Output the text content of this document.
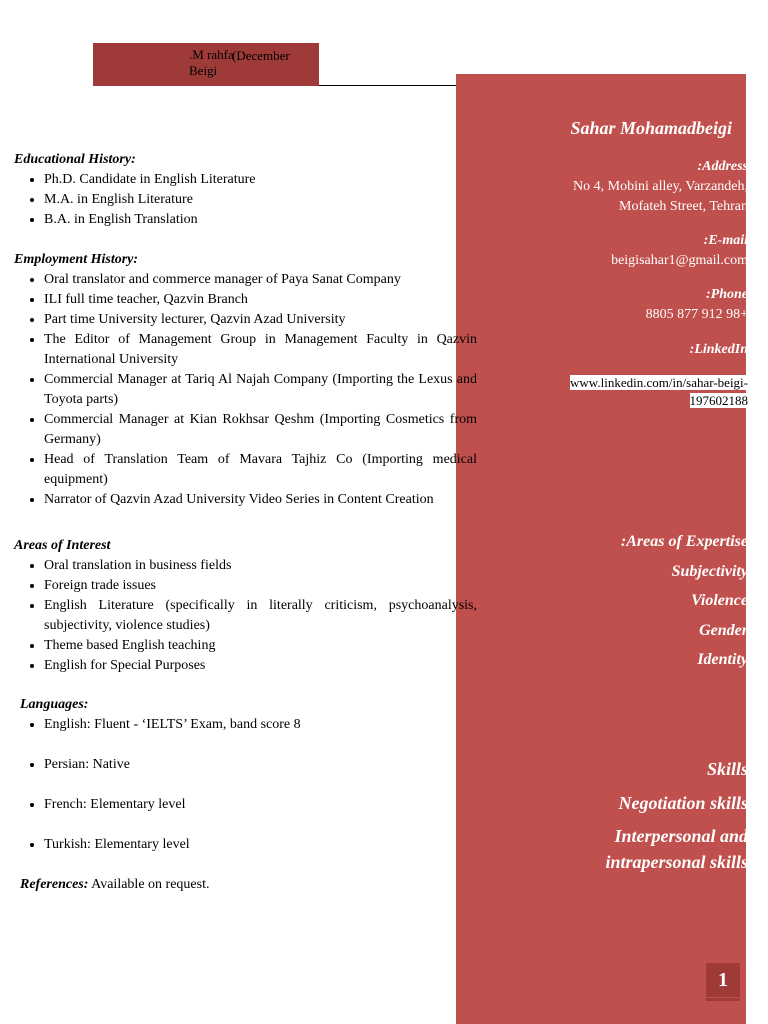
.M rahfa Beigi
(December
Sahar Mohamadbeigi
:Address
No 4, Mobini alley, Varzandeh,
Mofateh Street, Tehran
:E-mail
beigisahar1@gmail.com
:Phone
8805 877 912 98+
:LinkedIn
www.linkedin.com/in/sahar-beigi-
197602188
:Areas of Expertise
Subjectivity
Violence
Gender
Identity
Skills
Negotiation skills
Interpersonal and
intrapersonal skills
1
Educational History:
• Ph.D. Candidate in English Literature
• M.A. in English Literature
• B.A. in English Translation
Employment History:
• Oral translator and commerce manager of Paya Sanat Company
• ILI full time teacher, Qazvin Branch
• Part time University lecturer, Qazvin Azad University
• The Editor of Management Group in Management Faculty in Qazvin International University
• Commercial Manager at Tariq Al Najah Company (Importing the Lexus and Toyota parts)
• Commercial Manager at Kian Rokhsar Qeshm (Importing Cosmetics from Germany)
• Head of Translation Team of Mavara Tajhiz Co (Importing medical equipment)
• Narrator of Qazvin Azad University Video Series in Content Creation
Areas of Interest
• Oral translation in business fields
• Foreign trade issues
• English Literature (specifically in literally criticism, psychoanalysis, subjectivity, violence studies)
• Theme based English teaching
• English for Special Purposes
Languages:
• English: Fluent - ‘IELTS’ Exam, band score 8
• Persian: Native
• French: Elementary level
• Turkish: Elementary level
References: Available on request.
